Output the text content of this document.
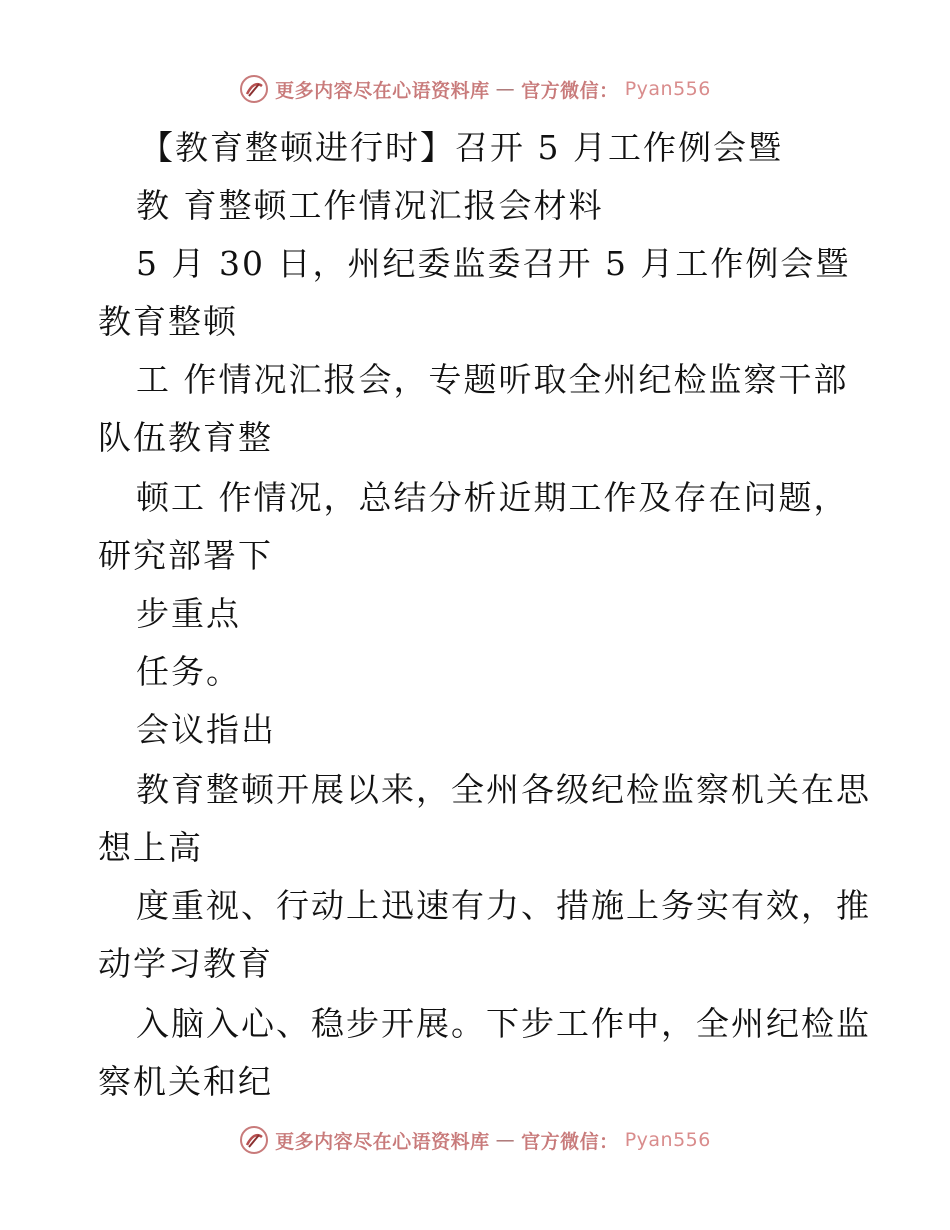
更多内容尽在心语资料库 — 官方微信： Pyan556
【教育整顿进行时】召开 5 月工作例会暨
教 育整顿工作情况汇报会材料
5 月 30 日，州纪委监委召开 5 月工作例会暨
教育整顿
工 作情况汇报会，专题听取全州纪检监察干部
队伍教育整
顿工 作情况，总结分析近期工作及存在问题，
研究部署下
步重点
任务。
会议指出
教育整顿开展以来，全州各级纪检监察机关在思
想上高
度重视、行动上迅速有力、措施上务实有效，推
动学习教育
入脑入心、稳步开展。下步工作中，全州纪检监
察机关和纪
更多内容尽在心语资料库 — 官方微信： Pyan556
